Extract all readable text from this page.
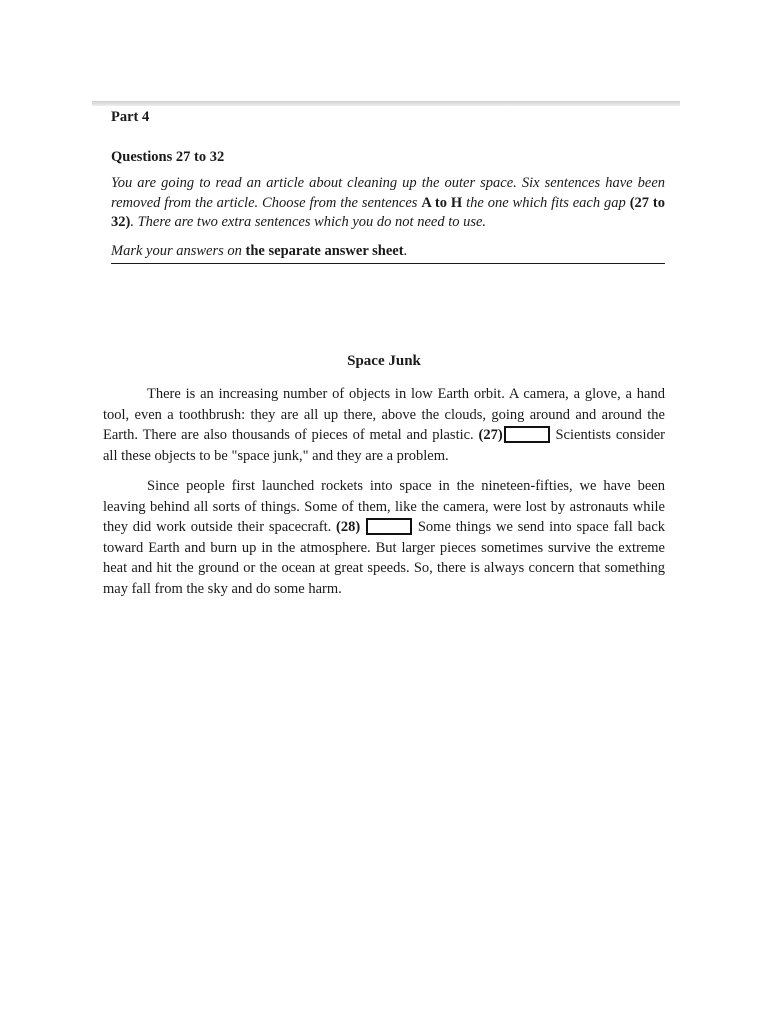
Part 4

Questions 27 to 32

You are going to read an article about cleaning up the outer space. Six sentences have been removed from the article. Choose from the sentences A to H the one which fits each gap (27 to 32). There are two extra sentences which you do not need to use.

Mark your answers on the separate answer sheet.

Space Junk

There is an increasing number of objects in low Earth orbit. A camera, a glove, a hand tool, even a toothbrush: they are all up there, above the clouds, going around and around the Earth. There are also thousands of pieces of metal and plastic. (27)	Scientists consider all these objects to be "space junk," and they are a problem.

Since people first launched rockets into space in the nineteen-fifties, we have been leaving behind all sorts of things. Some of them, like the camera, were lost by astronauts while they did work outside their spacecraft. (28)	Some things we send into space fall back toward Earth and burn up in the atmosphere. But larger pieces sometimes survive the extreme heat and hit the ground or the ocean at great speeds. So, there is always concern that something may fall from the sky and do some harm.
